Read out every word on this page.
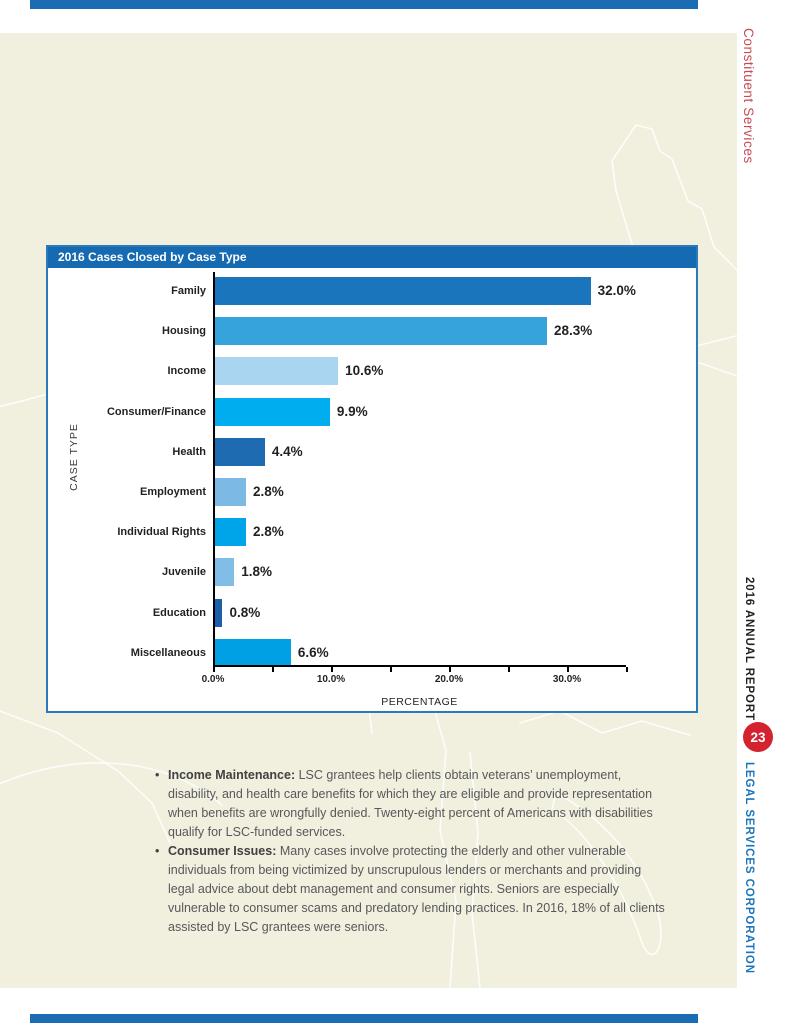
Constituent Services
2016 ANNUAL REPORT
23
LEGAL SERVICES CORPORATION
2016 Cases Closed by Case Type
Family	32.0%
Housing	28.3%
Income	10.6%
Consumer/Finance	9.9%
Health	4.4%
Employment	2.8%
Individual Rights	2.8%
Juvenile	1.8%
Education 0.8%
Miscellaneous	6.6%
0.0%	10.0%	20.0%	30.0%
PERCENTAGE
CASE TYPE
• Income Maintenance: LSC grantees help clients obtain veterans’ unemployment, disability, and health care benefits for which they are eligible and provide representation when benefits are wrongfully denied. Twenty-eight percent of Americans with disabilities qualify for LSC-funded services.
• Consumer Issues: Many cases involve protecting the elderly and other vulnerable individuals from being victimized by unscrupulous lenders or merchants and providing legal advice about debt management and consumer rights. Seniors are especially vulnerable to consumer scams and predatory lending practices. In 2016, 18% of all clients assisted by LSC grantees were seniors.
